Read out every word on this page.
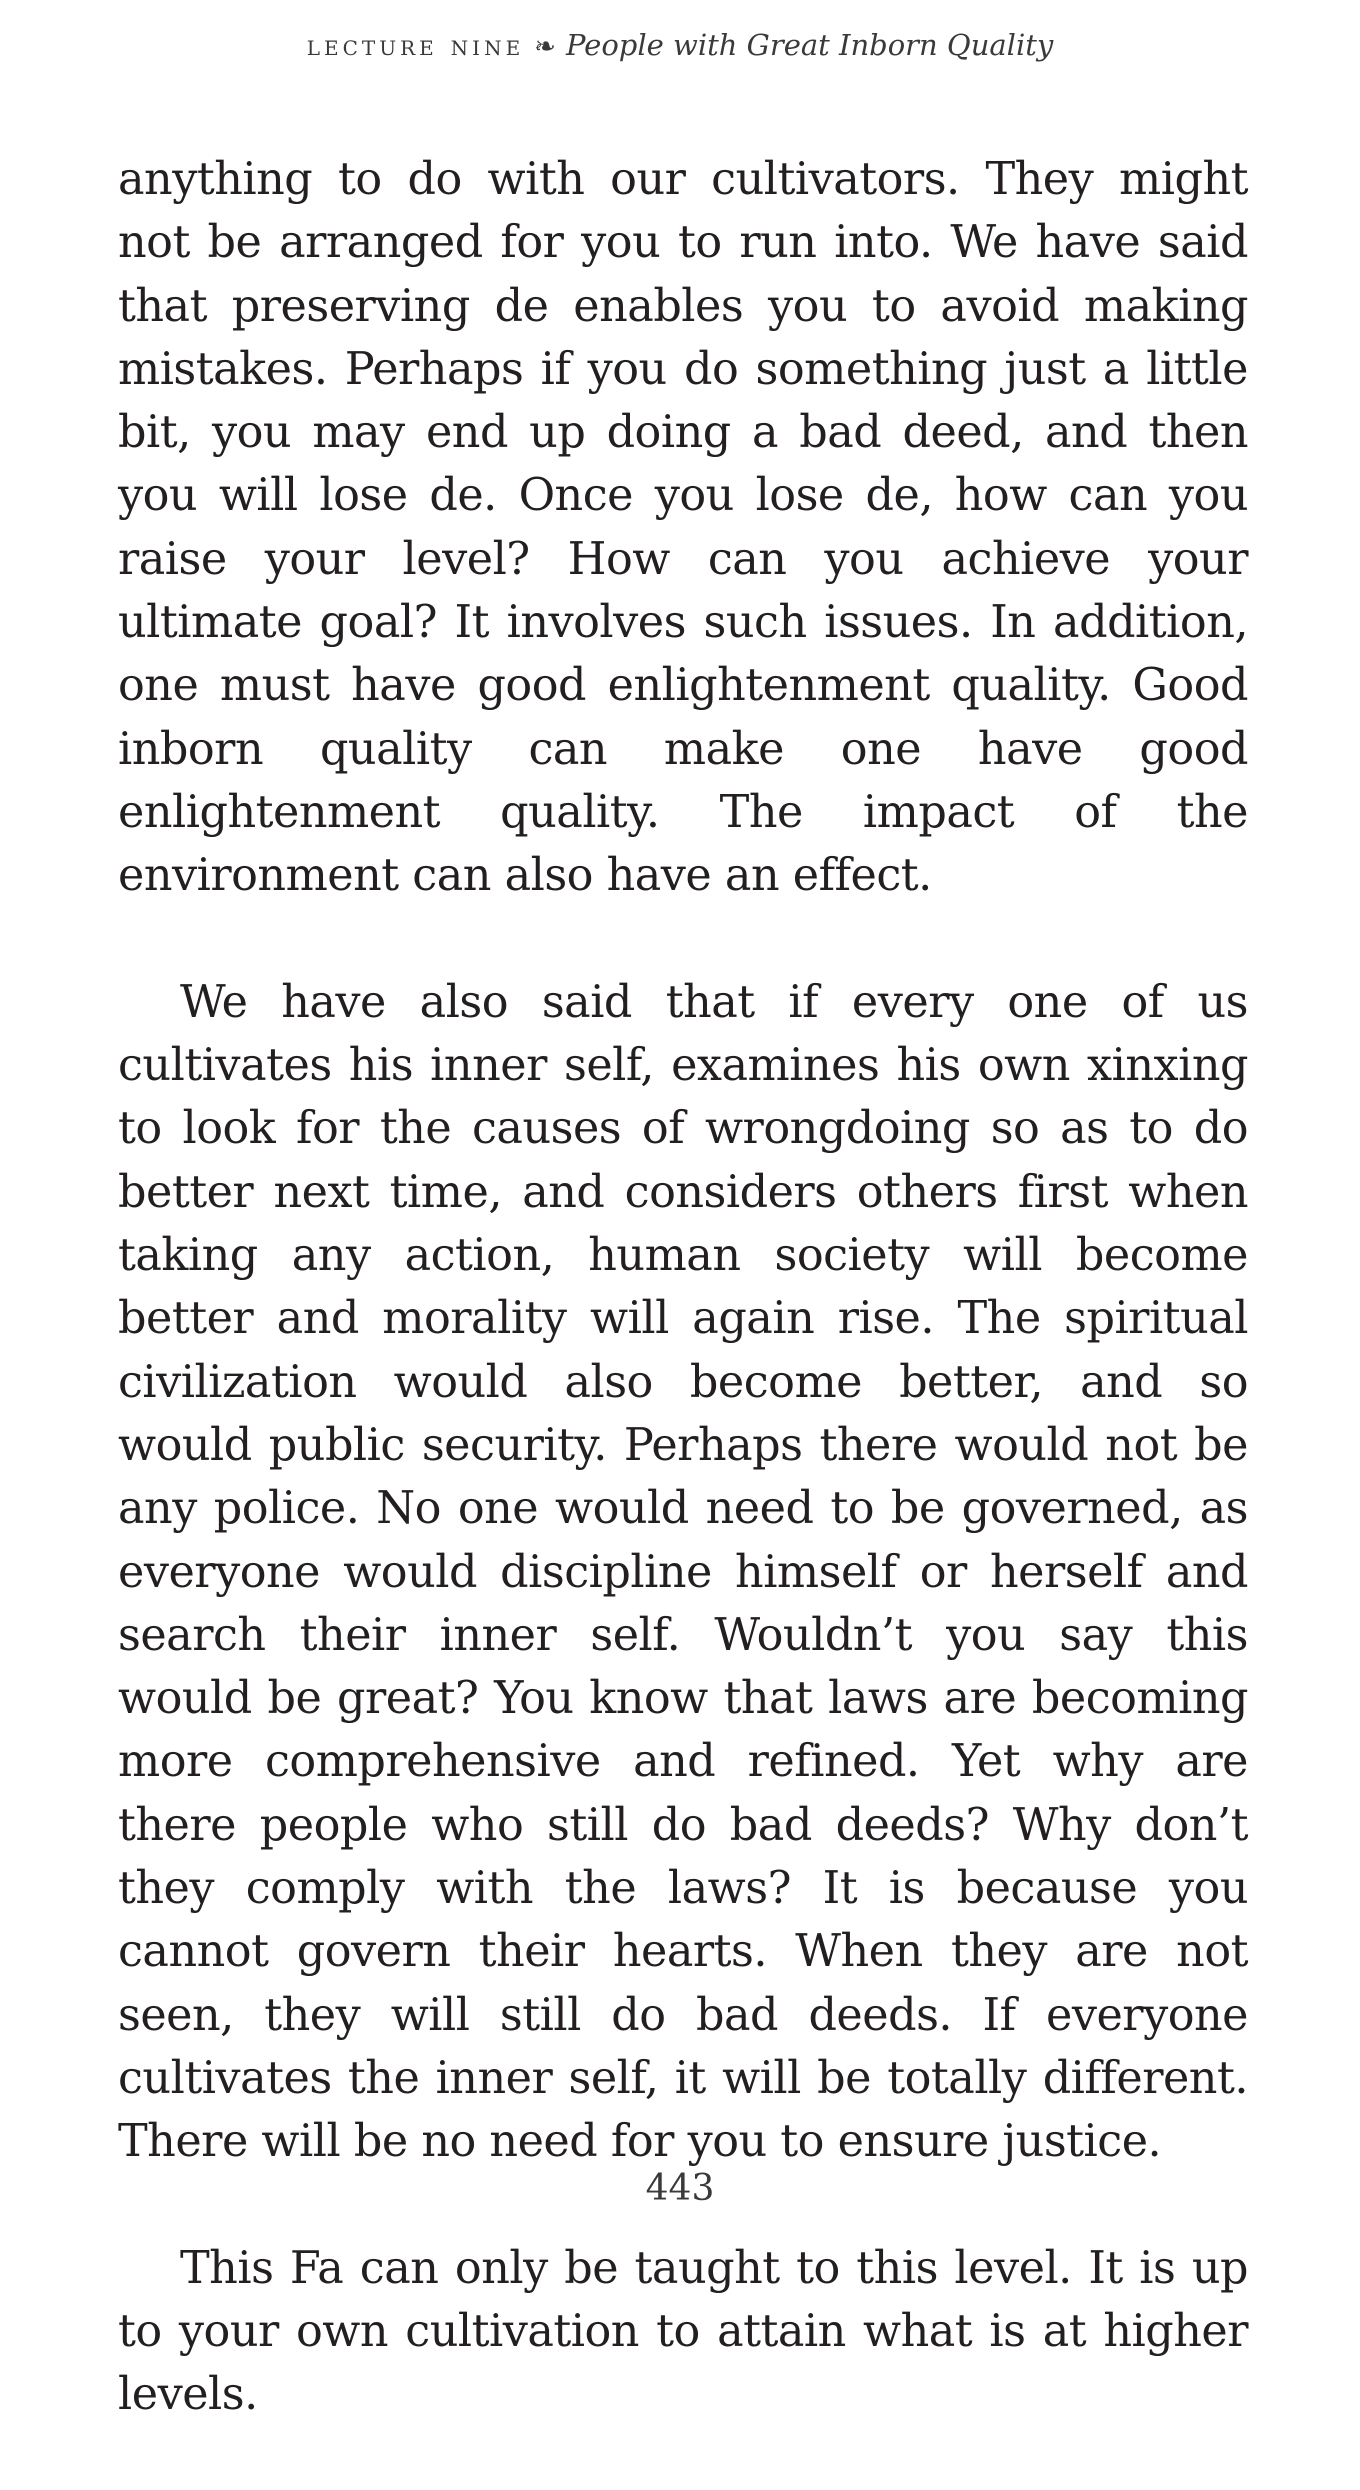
lecture nine ❧ People with Great Inborn Quality

anything to do with our cultivators. They might not be arranged for you to run into. We have said that preserving de enables you to avoid making mistakes. Perhaps if you do something just a little bit, you may end up doing a bad deed, and then you will lose de. Once you lose de, how can you raise your level? How can you achieve your ultimate goal? It involves such issues. In addition, one must have good enlightenment quality. Good inborn quality can make one have good enlightenment quality. The impact of the environment can also have an effect.

We have also said that if every one of us cultivates his inner self, examines his own xinxing to look for the causes of wrongdoing so as to do better next time, and considers others first when taking any action, human society will become better and morality will again rise. The spiritual civilization would also become better, and so would public security. Perhaps there would not be any police. No one would need to be governed, as everyone would discipline himself or herself and search their inner self. Wouldn’t you say this would be great? You know that laws are becoming more comprehensive and refined. Yet why are there people who still do bad deeds? Why don’t they comply with the laws? It is because you cannot govern their hearts. When they are not seen, they will still do bad deeds. If everyone cultivates the inner self, it will be totally different. There will be no need for you to ensure justice.

This Fa can only be taught to this level. It is up to your own cultivation to attain what is at higher levels.

443
